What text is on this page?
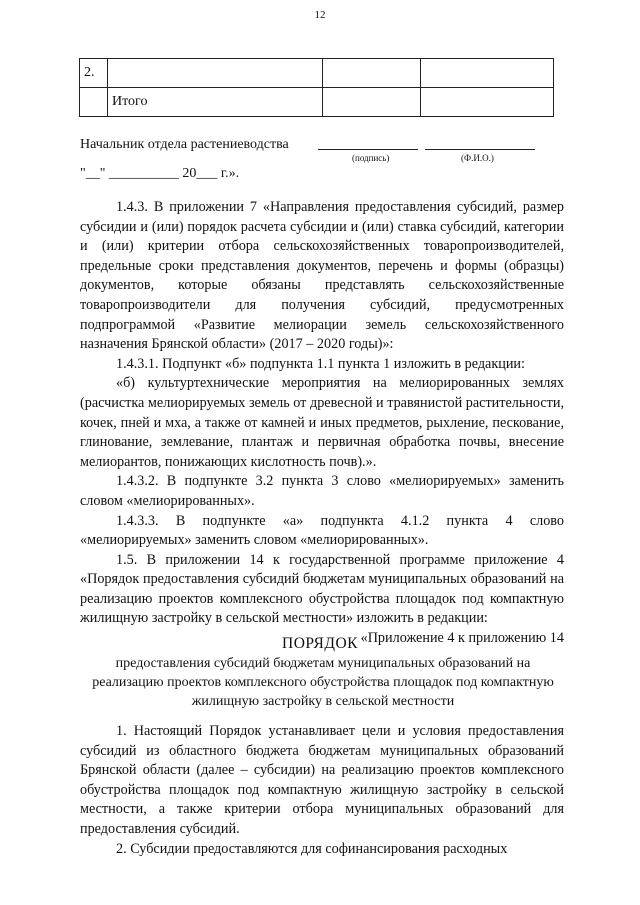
12
2.			
	Итого		
Начальник отдела растениеводства
(подпись)	(Ф.И.О.)
"__" __________ 20___ г.».

1.4.3. В приложении 7 «Направления предоставления субсидий, размер субсидии и (или) порядок расчета субсидии и (или) ставка субсидий, категории и (или) критерии отбора сельскохозяйственных товаропроизводителей, предельные сроки представления документов, перечень и формы (образцы) документов, которые обязаны представлять сельскохозяйственные товаропроизводители для получения субсидий, предусмотренных подпрограммой «Развитие мелиорации земель сельскохозяйственного назначения Брянской области» (2017 – 2020 годы)»:

1.4.3.1. Подпункт «б» подпункта 1.1 пункта 1 изложить в редакции:

«б) культуртехнические мероприятия на мелиорированных землях (расчистка мелиорируемых земель от древесной и травянистой растительности, кочек, пней и мха, а также от камней и иных предметов, рыхление, пескование, глинование, землевание, плантаж и первичная обработка почвы, внесение мелиорантов, понижающих кислотность почв).».

1.4.3.2. В подпункте 3.2 пункта 3 слово «мелиорируемых» заменить словом «мелиорированных».

1.4.3.3. В подпункте «а» подпункта 4.1.2 пункта 4 слово «мелиорируемых» заменить словом «мелиорированных».

1.5. В приложении 14 к государственной программе приложение 4 «Порядок предоставления субсидий бюджетам муниципальных образований на реализацию проектов комплексного обустройства площадок под компактную жилищную застройку в сельской местности» изложить в редакции:

«Приложение 4 к приложению 14

ПОРЯДОК
предоставления субсидий бюджетам муниципальных образований на реализацию проектов комплексного обустройства площадок под компактную жилищную застройку в сельской местности

1. Настоящий Порядок устанавливает цели и условия предоставления субсидий из областного бюджета бюджетам муниципальных образований Брянской области (далее – субсидии) на реализацию проектов комплексного обустройства площадок под компактную жилищную застройку в сельской местности, а также критерии отбора муниципальных образований для предоставления субсидий.

2. Субсидии предоставляются для софинансирования расходных
